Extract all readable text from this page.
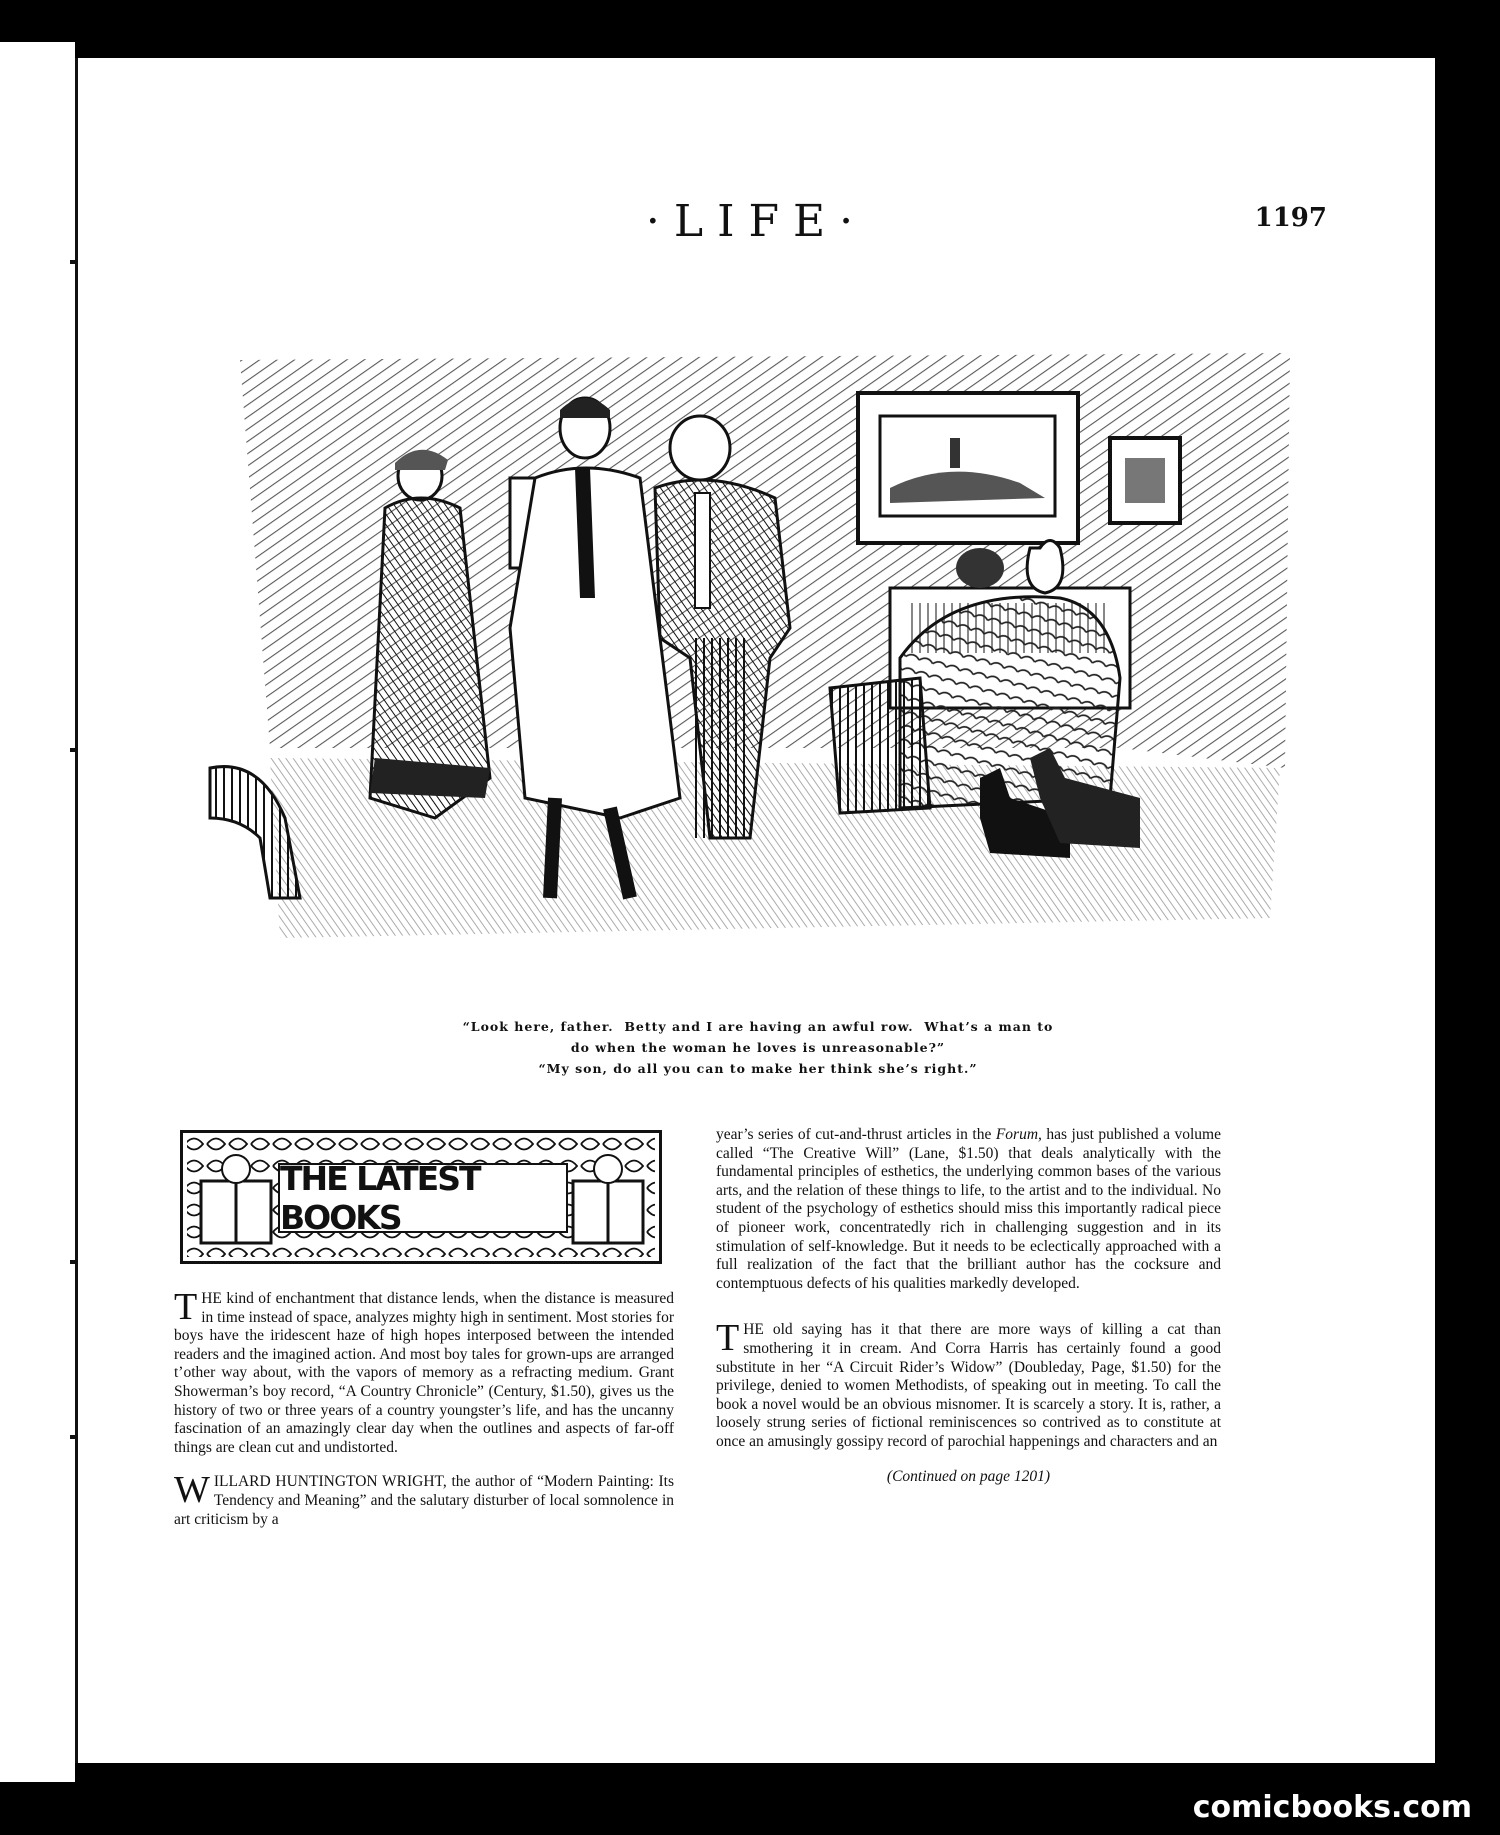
·LIFE·	1197
“Look here, father.  Betty and I are having an awful row.  What’s a man to
do when the woman he loves is unreasonable?”
“My son, do all you can to make her think she’s right.”
THE LATEST BOOKS

THE kind of enchantment that distance lends, when the distance is measured in time instead of space, analyzes mighty high in sentiment. Most stories for boys have the iridescent haze of high hopes interposed between the intended readers and the imagined action. And most boy tales for grown-ups are arranged t’other way about, with the vapors of memory as a refracting medium. Grant Showerman’s boy record, “A Country Chronicle” (Century, $1.50), gives us the history of two or three years of a country youngster’s life, and has the uncanny fascination of an amazingly clear day when the outlines and aspects of far-off things are clean cut and undistorted.

WILLARD HUNTINGTON WRIGHT, the author of “Modern Painting: Its Tendency and Meaning” and the salutary disturber of local somnolence in art criticism by a

year’s series of cut-and-thrust articles in the Forum, has just published a volume called “The Creative Will” (Lane, $1.50) that deals analytically with the fundamental principles of esthetics, the underlying common bases of the various arts, and the relation of these things to life, to the artist and to the individual. No student of the psychology of esthetics should miss this importantly radical piece of pioneer work, concentratedly rich in challenging suggestion and in its stimulation of self-knowledge. But it needs to be eclectically approached with a full realization of the fact that the brilliant author has the cocksure and contemptuous defects of his qualities markedly developed.

THE old saying has it that there are more ways of killing a cat than smothering it in cream. And Corra Harris has certainly found a good substitute in her “A Circuit Rider’s Widow” (Doubleday, Page, $1.50) for the privilege, denied to women Methodists, of speaking out in meeting. To call the book a novel would be an obvious misnomer. It is scarcely a story. It is, rather, a loosely strung series of fictional reminiscences so contrived as to constitute at once an amusingly gossipy record of parochial happenings and characters and an

(Continued on page 1201)
comicbooks.com
